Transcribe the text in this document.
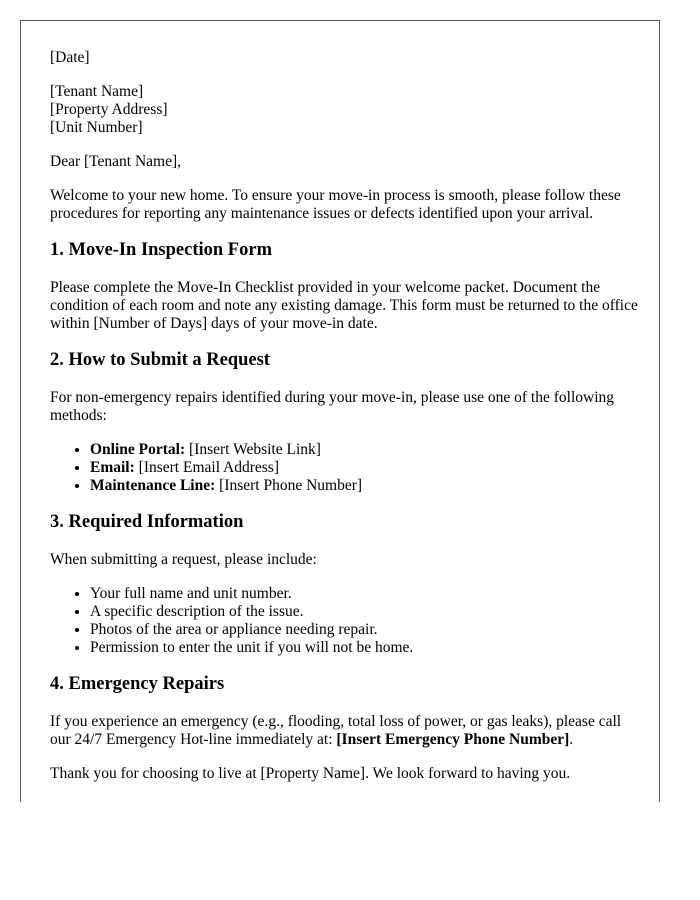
[Date]

[Tenant Name]
[Property Address]
[Unit Number]

Dear [Tenant Name],

Welcome to your new home. To ensure your move-in process is smooth, please follow these procedures for reporting any maintenance issues or defects identified upon your arrival.

1. Move-In Inspection Form

Please complete the Move-In Checklist provided in your welcome packet. Document the condition of each room and note any existing damage. This form must be returned to the office within [Number of Days] days of your move-in date.

2. How to Submit a Request

For non-emergency repairs identified during your move-in, please use one of the following methods:

• Online Portal: [Insert Website Link]
• Email: [Insert Email Address]
• Maintenance Line: [Insert Phone Number]
3. Required Information

When submitting a request, please include:

• Your full name and unit number.
• A specific description of the issue.
• Photos of the area or appliance needing repair.
• Permission to enter the unit if you will not be home.
4. Emergency Repairs

If you experience an emergency (e.g., flooding, total loss of power, or gas leaks), please call our 24/7 Emergency Hot-line immediately at: [Insert Emergency Phone Number].

Thank you for choosing to live at [Property Name]. We look forward to having you.
